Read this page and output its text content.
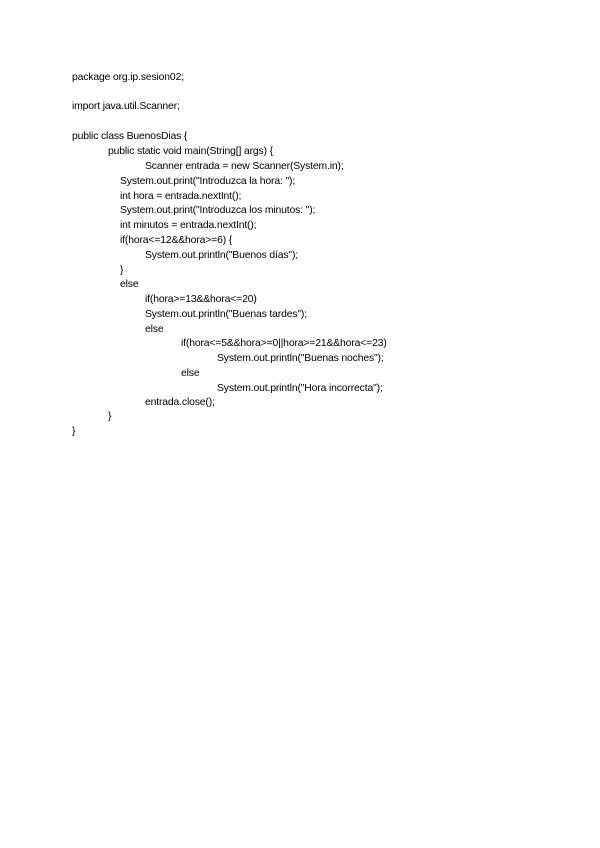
package org.ip.sesion02;
import java.util.Scanner;
public class BuenosDias {
public static void main(String[] args) {
Scanner entrada = new Scanner(System.in);
System.out.print("Introduzca la hora: ");
int hora = entrada.nextInt();
System.out.print("Introduzca los minutos: ");
int minutos = entrada.nextInt();
if(hora<=12&&hora>=6) {
System.out.println("Buenos días");
}
else
if(hora>=13&&hora<=20)
System.out.println("Buenas tardes");
else
if(hora<=5&&hora>=0||hora>=21&&hora<=23)
System.out.println("Buenas noches");
else
System.out.println("Hora incorrecta");
entrada.close();
}
}
